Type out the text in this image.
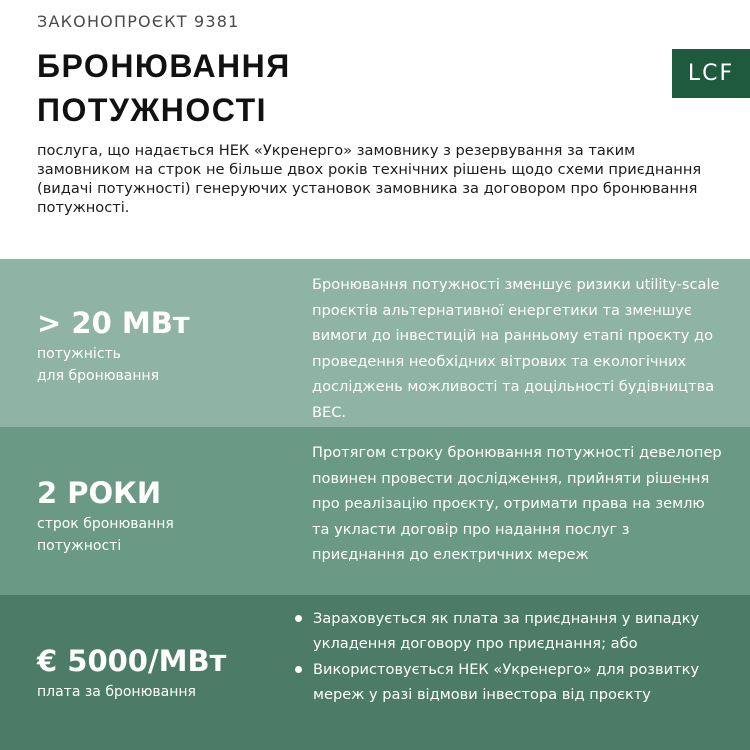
ЗАКОНОПРОЄКТ 9381
БРОНЮВАННЯ
ПОТУЖНОСТІ
LCF
послуга, що надається НЕК «Укренерго» замовнику з резервування за таким замовником на строк не більше двох років технічних рішень щодо схеми приєднання (видачі потужності) генеруючих установок замовника за договором про бронювання потужності.
> 20 МВт
потужність
для бронювання
Бронювання потужності зменшує ризики utility-scale проєктів альтернативної енергетики та зменшує вимоги до інвестицій на ранньому етапі проєкту до проведення необхідних вітрових та екологічних досліджень можливості та доцільності будівництва ВЕС.
2 РОКИ
строк бронювання
потужності
Протягом строку бронювання потужності девелопер повинен провести дослідження, прийняти рішення про реалізацію проєкту, отримати права на землю та укласти договір про надання послуг з приєднання до електричних мереж
€ 5000/МВт
плата за бронювання
Зараховується як плата за приєднання у випадку укладення договору про приєднання; або
Використовується НЕК «Укренерго» для розвитку мереж у разі відмови інвестора від проєкту
